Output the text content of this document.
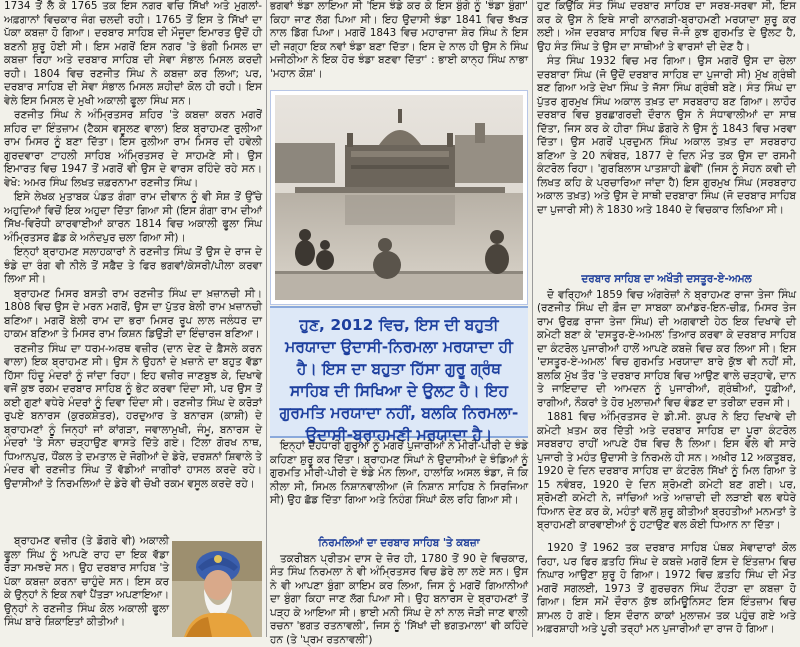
1734 ਤੋਂ ਲੈ ਕੇ 1765 ਤਕ ਇਸ ਨਗਰ ਵਚਿ ਸਿੱਖਾਂ ਅਤੇ ਮੁਗਲਾਂ-ਅਫ਼ਗਾਨਾਂ ਵਿਚਕਾਰ ਜੰਗ ਚਲਦੀ ਰਹੀ। 1765 ਤੋਂ ਇਸ ਤੇ ਸਿੱਖਾਂ ਦਾ ਪੱਕਾ ਕਬਜ਼ਾ ਹੋ ਗਿਆ। ਦਰਬਾਰ ਸਾਹਿਬ ਦੀ ਮੌਜੂਦਾ ਇਮਾਰਤ ਉਦੋਂ ਹੀ ਬਣਨੀ ਸ਼ੁਰੂ ਹੋਈ ਸੀ। ਇਸ ਮਗਰੋਂ ਇਸ ਨਗਰ 'ਤੇ ਭੰਗੀ ਮਿਸਲ ਦਾ ਕਬਜ਼ਾ ਰਿਹਾ ਅਤੇ ਦਰਬਾਰ ਸਾਹਿਬ ਦੀ ਸੇਵਾ ਸੰਭਾਲ ਮਿਸਲ ਕਰਦੀ ਰਹੀ। 1804 ਵਿਚ ਰਣਜੀਤ ਸਿੰਘ ਨੇ ਕਬਜ਼ਾ ਕਰ ਲਿਆ; ਪਰ, ਦਰਬਾਰ ਸਾਹਿਬ ਦੀ ਸੇਵਾ ਸੰਭਾਲ ਮਿਸਲ ਸ਼ਹੀਦਾਂ ਕੋਲ ਹੀ ਰਹੀ। ਇਸ ਵੇਲੇ ਇਸ ਮਿਸਲ ਦੇ ਮੁਖੀ ਅਕਾਲੀ ਫੂਲਾ ਸਿੰਘ ਸਨ।

ਰਣਜੀਤ ਸਿੰਘ ਨੇ ਅੰਮ੍ਰਿਤਸਰ ਸ਼ਹਿਰ 'ਤੇ ਕਬਜ਼ਾ ਕਰਨ ਮਗਰੋਂ ਸ਼ਹਿਰ ਦਾ ਇੰਤਜ਼ਾਮ (ਟੈਕਸ ਵਸੂਲਣ ਵਾਲਾ) ਇਕ ਬ੍ਰਾਹਮਣ ਰੁਲੀਆ ਰਾਮ ਮਿਸਰ ਨੂੰ ਬਣਾ ਦਿੱਤਾ। ਇਸ ਰੁਲੀਆ ਰਾਮ ਮਿਸਰ ਦੀ ਹਵੇਲੀ ਗੁਰਦਵਾਰਾ ਟਾਹਲੀ ਸਾਹਿਬ ਅੰਮ੍ਰਿਤਸਰ ਦੇ ਸਾਹਮਣੇ ਸੀ। ਉਸ ਇਮਾਰਤ ਵਿਚ 1947 ਤੋਂ ਮਗਰੋਂ ਵੀ ਉਸ ਦੇ ਵਾਰਸ ਰਹਿੰਦੇ ਰਹੇ ਸਨ। ਵੇਖੋ: ਅਮਰ ਸਿੰਘ ਲਿਖਤ ਜ਼ਫ਼ਰਨਾਮਾ ਰਣਜੀਤ ਸਿੰਘ।

ਇਸੇ ਲੇਖਕ ਮੁਤਾਬਕ ਪੰਡਤ ਗੰਗਾ ਰਾਮ ਦੀਵਾਨ ਨੂੰ ਵੀ ਸੋਸ਼ ਤੋਂ ਉੱਚੇ ਅਹੁਦਿਆਂ ਵਿਚੋਂ ਇਕ ਅਹੁਦਾ ਦਿੱਤਾ ਗਿਆ ਸੀ (ਇਸ ਗੰਗਾ ਰਾਮ ਦੀਆਂ ਸਿੱਖ-ਵਿਰੋਧੀ ਕਾਰਵਾਈਆਂ ਕਾਰਨ 1814 ਵਿਚ ਅਕਾਲੀ ਫੂਲਾ ਸਿੰਘ ਅੰਮ੍ਰਿਤਸਰ ਛੱਡ ਕੇ ਅਨੰਦਪੁਰ ਚਲਾ ਗਿਆ ਸੀ)।

ਇਨ੍ਹਾਂ ਬ੍ਰਾਹਮਣ ਸਲਾਹਕਾਰਾਂ ਨੇ ਰਣਜੀਤ ਸਿੰਘ ਤੋਂ ਉਸ ਦੇ ਰਾਜ ਦੇ ਝੰਡੇ ਦਾ ਰੰਗ ਵੀ ਨੀਲੇ ਤੋਂ ਸਫ਼ੈਦ ਤੇ ਫਿਰ ਭਗਵਾਂ/ਕੇਸਰੀ/ਪੀਲਾ ਕਰਵਾ ਲਿਆ ਸੀ।

ਬ੍ਰਾਹਮਣ ਮਿਸਰ ਬਸਤੀ ਰਾਮ ਰਣਜੀਤ ਸਿੰਘ ਦਾ ਖ਼ਜ਼ਾਨਚੀ ਸੀ। 1808 ਵਿਚ ਉਸ ਦੇ ਮਰਨ ਮਗਰੋਂ, ਉਸ ਦਾ ਪੁੱਤਰ ਬੇਲੀ ਰਾਮ ਖ਼ਜ਼ਾਨਚੀ ਬਣਿਆ। ਮਗਰੋਂ ਬੇਲੀ ਰਾਮ ਦਾ ਭਰਾ ਮਿਸਰ ਰੂਪ ਲਾਲ ਜਲੰਧਰ ਦਾ ਹਾਕਮ ਬਣਿਆ ਤੇ ਮਿਸਰ ਰਾਮ ਕਿਸ਼ਨ ਡਿਉੜੀ ਦਾ ਇੰਚਾਰਜ ਬਣਿਆ।

ਰਣਜੀਤ ਸਿੰਘ ਦਾ ਧਰਮ-ਅਰਥ ਵਜ਼ੀਰ (ਦਾਨ ਦੇਣ ਦੇ ਫ਼ੈਸਲੇ ਕਰਨ ਵਾਲਾ) ਇਕ ਬ੍ਰਾਹਮਣ ਸੀ। ਉਸ ਨੇ ਉਹਨਾਂ ਦੇ ਖ਼ਜ਼ਾਨੇ ਦਾ ਬਹੁਤ ਵੱਡਾ ਹਿੱਸਾ ਹਿੰਦੂ ਮੰਦਰਾਂ ਨੂੰ ਜਾਂਦਾ ਰਿਹਾ। ਇਹ ਵਜ਼ੀਰ ਜਾਣਬੁਝ ਕੇ, ਦਿਖਾਵੇ ਵਜੋਂ ਕੁਝ ਰਕਮ ਦਰਬਾਰ ਸਾਹਿਬ ਨੂੰ ਭੇਟ ਕਰਵਾ ਦਿੰਦਾ ਸੀ, ਪਰ ਉਸ ਤੋਂ ਕਈ ਗੁਣਾਂ ਵਧੇਰੇ ਮੰਦਰਾਂ ਨੂੰ ਦਿਵਾ ਦਿੰਦਾ ਸੀ। ਰਣਜੀਤ ਸਿੰਘ ਦੇ ਕਰੋੜਾਂ ਰੁਪਏ ਬਨਾਰਸ (ਕੁਰਕਸ਼ੇਤਰ), ਹਰਦੁਆਰ ਤੇ ਬਨਾਰਸ (ਕਾਸ਼ੀ) ਦੇ ਬ੍ਰਾਹਮਣਾਂ ਨੂੰ ਜਿਨ੍ਹਾਂ ਜਾਂ ਕਾਂਗੜਾ, ਜਵਾਲਾਮੁਖੀ, ਜੰਮੂ, ਬਨਾਰਸ ਦੇ ਮੰਦਰਾਂ 'ਤੇ ਸੋਨਾ ਚੜ੍ਹਾਉਣ ਵਾਸਤੇ ਦਿੱਤੇ ਗਏ। ਟਿੱਲਾ ਗੋਰਖ ਨਾਥ, ਧਿਆਨਪੁਰ, ਧੌਂਕਲ ਤੇ ਦਮਤਾਲ ਦੇ ਜੋਗੀਆਂ ਦੇ ਡੇਰੇ, ਦਰਸ਼ਨਾਂ ਸ਼ਿਵਾਲੇ ਤੇ ਮੰਦਰ ਵੀ ਰਣਜੀਤ ਸਿੰਘ ਤੋਂ ਵੱਡੀਆਂ ਜਾਗੀਰਾਂ ਹਾਸਲ ਕਰਦੇ ਰਹੇ। ਉਦਾਸੀਆਂ ਤੇ ਨਿਰਮਲਿਆਂ ਦੇ ਡੇਰੇ ਵੀ ਚੋਖੀ ਰਕਮ ਵਸੂਲ ਕਰਦੇ ਰਹੇ।

ਬ੍ਰਾਹਮਣ ਵਜ਼ੀਰ (ਤੇ ਡੋਗਰੇ ਵੀ) ਅਕਾਲੀ ਫੂਲਾ ਸਿੰਘ ਨੂੰ ਆਪਣੇ ਰਾਹ ਦਾ ਇਕ ਵੱਡਾ ਰੋੜਾ ਸਮਝਦੇ ਸਨ। ਉਹ ਦਰਬਾਰ ਸਾਹਿਬ 'ਤੇ ਪੱਕਾ ਕਬਜ਼ਾ ਕਰਨਾ ਚਾਹੁੰਦੇ ਸਨ। ਇਸ ਕਰ ਕੇ ਉਨ੍ਹਾਂ ਨੇ ਇਕ ਨਵਾਂ ਪੈਂਤੜਾ ਅਪਣਾਇਆ। ਉਨ੍ਹਾਂ ਨੇ ਰਣਜੀਤ ਸਿੰਘ ਕੋਲ ਅਕਾਲੀ ਫੂਲਾ ਸਿੰਘ ਬਾਰੇ ਸ਼ਿਕਾਇਤਾਂ ਕੀਤੀਆਂ।

ਭਗਵਾਂ ਝੰਡਾ ਲਾਇਆ ਸੀ 'ਇਸ ਝੰਡੇ ਕਰ ਕੇ ਇਸ ਬੁੰਗੇ ਨੂੰ 'ਝੰਡਾ ਬੁੰਗਾ' ਕਿਹਾ ਜਾਣ ਲੱਗ ਪਿਆ ਸੀ। ਇਹ ਉਦਾਸੀ ਝੰਡਾ 1841 ਵਿਚ ਝੱਖੜ ਨਾਲ ਡਿੱਗ ਪਿਆ। ਮਗਰੋਂ 1843 ਵਿਚ ਮਹਾਰਾਜਾ ਸ਼ੇਰ ਸਿੰਘ ਨੇ ਇਸ ਦੀ ਜਗ੍ਹਾ ਇਕ ਨਵਾਂ ਝੰਡਾ ਬਣਾ ਦਿੱਤਾ। ਇਸ ਦੇ ਨਾਲ ਹੀ ਉਸ ਨੇ ਸਿੰਘ ਮਜੀਠੀਆ ਨੇ ਇਕ ਹੋਰ ਝੰਡਾ ਬਣਵਾ ਦਿੱਤਾ' : ਭਾਈ ਕਾਨ੍ਹ ਸਿੰਘ ਨਾਭਾ 'ਮਹਾਨ ਕੋਸ਼'।

ਹੁਣ, 2012 ਵਿਚ, ਇਸ ਦੀ ਬਹੁਤੀ ਮਰਯਾਦਾ ਉਦਾਸੀ-ਨਿਰਮਲਾ ਮਰਯਾਦਾ ਹੀ ਹੈ। ਇਸ ਦਾ ਬਹੁਤਾ ਹਿੱਸਾ ਗੁਰੂ ਗ੍ਰੰਥ ਸਾਹਿਬ ਦੀ ਸਿਖਿਆ ਦੇ ਉਲਟ ਹੈ। ਇਹ ਗੁਰਮਤਿ ਮਰਯਾਦਾ ਨਹੀਂ, ਬਲਕਿ ਨਿਰਮਲਾ-ਉਦਾਸੀ-ਬ੍ਰਾਹਮਣੀ ਮਰਯਾਦਾ ਹੈ।

ਇਨ੍ਹਾਂ ਦੇਹਧਾਰੀ ਗੁਰੂਆਂ ਨੂੰ ਮਗਰੋਂ ਪੁਜਾਰੀਆਂ ਨੇ ਮੀਰੀ-ਪੀਰੀ ਦੇ ਝੰਡੇ ਕਹਿਣਾ ਸ਼ੁਰੂ ਕਰ ਦਿੱਤਾ। ਬ੍ਰਾਹਮਣ ਸਿੰਘਾਂ ਨੇ ਉਦਾਸੀਆਂ ਦੇ ਝੰਡਿਆਂ ਨੂੰ ਗੁਰਮਤਿ ਮੀਰੀ-ਪੀਰੀ ਦੇ ਝੰਡੇ ਮੰਨ ਲਿਆ, ਹਾਲਾਂਕਿ ਅਸਲ ਝੰਡਾ, ਜੋ ਕਿ ਨੀਲਾ ਸੀ, ਸਿਮਲ ਨਿਸ਼ਾਨਵਾਲੀਆ (ਜੋ ਨਿਸ਼ਾਨ ਸਾਹਿਬ ਨੇ ਸਿਰਜਿਆ ਸੀ) ਉਹ ਛੱਡ ਦਿੱਤਾ ਗਿਆ ਅਤੇ ਨਿਹੰਗ ਸਿੰਘਾਂ ਕੋਲ ਰਹਿ ਗਿਆ ਸੀ।

ਨਿਰਮਲਿਆਂ ਦਾ ਦਰਬਾਰ ਸਾਹਿਬ 'ਤੇ ਕਬਜ਼ਾ

ਤਕਰੀਬਨ ਪ੍ਰੀਤਮ ਦਾਸ ਦੇ ਜ਼ੋਰ ਹੀ, 1780 ਤੋਂ 90 ਦੇ ਵਿਚਕਾਰ, ਸੰਤ ਸਿੰਘ ਨਿਰਮਲਾ ਨੇ ਵੀ ਅੰਮ੍ਰਿਤਸਰ ਵਿਚ ਡੇਰੇ ਲਾ ਲਏ ਸਨ। ਉਸ ਨੇ ਵੀ ਆਪਣਾ ਬੁੰਗਾ ਕਾਇਮ ਕਰ ਲਿਆ, ਜਿਸ ਨੂੰ ਮਗਰੋਂ ਗਿਆਨੀਆਂ ਦਾ ਬੁੰਗਾ ਕਿਹਾ ਜਾਣ ਲੱਗ ਪਿਆ ਸੀ। ਉਹ ਬਨਾਰਸ ਦੇ ਬ੍ਰਾਹਮਣਾਂ ਤੋਂ ਪੜ੍ਹ ਕੇ ਆਇਆ ਸੀ। ਭਾਈ ਮਨੀ ਸਿੰਘ ਦੇ ਨਾਂ ਨਾਲ ਜੋੜੀ ਜਾਣ ਵਾਲੀ ਰਚਨਾ 'ਭਗਤ ਰਤਨਾਵਲੀ', ਜਿਸ ਨੂੰ 'ਸਿੱਖਾਂ ਦੀ ਭਗਤਮਾਲਾ' ਵੀ ਕਹਿੰਦੇ ਹਨ (ਤੇ 'ਪ੍ਰਮ ਰਤਨਾਵਲੀ')

ਹੁਣ ਕਿਉਂਕਿ ਸੰਤ ਸਿੰਘ ਦਰਬਾਰ ਸਾਹਿਬ ਦਾ ਸਰਬ-ਸਰਵਾ ਸੀ, ਇਸ ਕਰ ਕੇ ਉਸ ਨੇ ਇਥੇ ਸਾਰੀ ਕਾਨਗੜੀ-ਬ੍ਰਾਹਮਣੀ ਮਰਯਾਦਾ ਸ਼ੁਰੂ ਕਰ ਲਈ। ਅੱਜ ਦਰਬਾਰ ਸਾਹਿਬ ਵਿਚ ਜੋ-ਜੋ ਕੁਝ ਗੁਰਮਤਿ ਦੇ ਉਲਟ ਹੈ, ਉਹ ਸੰਤ ਸਿੰਘ ਤੇ ਉਸ ਦਾ ਸਾਥੀਆਂ ਤੇ ਵਾਰਸਾਂ ਦੀ ਦੇਣ ਹੈ।

ਸੰਤ ਸਿੰਘ 1932 ਵਿਚ ਮਰ ਗਿਆ। ਉਸ ਮਗਰੋਂ ਉਸ ਦਾ ਚੇਲਾ ਦਰਬਾਰਾ ਸਿੰਘ (ਜੋ ਉਦੋਂ ਦਰਬਾਰ ਸਾਹਿਬ ਦਾ ਪੁਜਾਰੀ ਸੀ) ਮੁੱਖ ਗ੍ਰੰਥੀ ਬਣ ਗਿਆ ਅਤੇ ਦੇਖਾ ਸਿੰਘ ਤੇ ਜੱਸਾ ਸਿੰਘ ਗ੍ਰੰਥੀ ਬਣੇ। ਸੰਤ ਸਿੰਘ ਦਾ ਪੁੱਤਰ ਗੁਰਮੁਖ ਸਿੰਘ ਅਕਾਲ ਤਖ਼ਤ ਦਾ ਸਰਬਰਾਹ ਬਣ ਗਿਆ। ਲਾਹੌਰ ਦਰਬਾਰ ਵਿਚ ਬੁਰਛਾਗਰਦੀ ਦੌਰਾਨ ਉਸ ਨੇ ਸੰਧਾਵਾਲੀਆਂ ਦਾ ਸਾਥ ਦਿੱਤਾ, ਜਿਸ ਕਰ ਕੇ ਹੀਰਾ ਸਿੰਘ ਡੋਗਰੇ ਨੇ ਉਸ ਨੂੰ 1843 ਵਿਚ ਮਰਵਾ ਦਿੱਤਾ। ਉਸ ਮਗਰੋਂ ਪ੍ਰਦੁਮਨ ਸਿੰਘ ਅਕਾਲ ਤਖ਼ਤ ਦਾ ਸਰਬਰਾਹ ਬਣਿਆ ਤੇ 20 ਨਵੰਬਰ, 1877 ਦੇ ਦਿਨ ਮੌਤ ਤਕ ਉਸ ਦਾ ਰਸਮੀ ਕੰਟਰੋਲ ਰਿਹਾ। 'ਗੁਰਬਿਲਾਸ ਪਾਤਸ਼ਾਹੀ ਛੇਵੀਂ' (ਜਿਸ ਨੂੰ ਸੋਹਨ ਕਵੀ ਦੀ ਲਿਖਤ ਕਹਿ ਕੇ ਪ੍ਰਚਾਰਿਆ ਜਾਂਦਾ ਹੈ) ਇਸ ਗੁਰਮੁਖ ਸਿੰਘ (ਸਰਬਰਾਹ ਅਕਾਲ ਤਖ਼ਤ) ਅਤੇ ਉਸ ਦੇ ਸਾਥੀ ਦਰਬਾਰਾ ਸਿੰਘ (ਜੋ ਦਰਬਾਰ ਸਾਹਿਬ ਦਾ ਪੁਜਾਰੀ ਸੀ) ਨੇ 1830 ਅਤੇ 1840 ਦੇ ਵਿਚਕਾਰ ਲਿਖਿਆ ਸੀ।

ਦਰਬਾਰ ਸਾਹਿਬ ਦਾ ਅਖੌਤੀ ਦਸਤੂਰ-ਏ-ਅਮਲ

ਦੋ ਵਰ੍ਹਿਆਂ 1859 ਵਿਚ ਅੰਗਰੇਜ਼ਾਂ ਨੇ ਬ੍ਰਾਹਮਣ ਰਾਜਾ ਤੇਜਾ ਸਿੰਘ (ਰਣਜੀਤ ਸਿੰਘ ਦੀ ਫ਼ੌਜ ਦਾ ਸਾਬਕਾ ਕਮਾਂਡਰ-ਇਨ-ਚੀਫ਼, ਮਿਸਰ ਤੇਜ ਰਾਮ ਉਰਫ਼ ਰਾਜਾ ਤੇਜਾ ਸਿੰਘ) ਦੀ ਅਗਵਾਈ ਹੇਠ ਇਕ ਦਿਖਾਵੇ ਦੀ ਕਮੇਟੀ ਬਣਾ ਕੇ 'ਦਸਤੂਰ-ਏ-ਅਮਲ' ਤਿਆਰ ਕਰਵਾ ਕੇ ਦਰਬਾਰ ਸਾਹਿਬ ਦਾ ਕੰਟਰੋਲ ਪੁਜਾਰੀਆਂ ਹਾਲੋਂ ਆਪਣੇ ਕਬਜ਼ੇ ਵਿਚ ਕਰ ਲਿਆ ਸੀ। ਇਸ 'ਦਸਤੂਰ-ਏ-ਅਮਲ' ਵਿਚ ਗੁਰਮਤਿ ਮਰਯਾਦਾ ਬਾਰੇ ਕੁੱਝ ਵੀ ਨਹੀਂ ਸੀ, ਬਲਕਿ ਮੁੱਖ ਤੌਰ 'ਤੇ ਦਰਬਾਰ ਸਾਹਿਬ ਵਿਚ ਆਉਣ ਵਾਲੇ ਚੜ੍ਹਾਵੇ, ਦਾਨ ਤੇ ਜਾਇਦਾਦ ਦੀ ਆਮਦਨ ਨੂੰ ਪੁਜਾਰੀਆਂ, ਗ੍ਰੰਥੀਆਂ, ਧੂਫ਼ੀਆਂ, ਰਾਗੀਆਂ, ਨੌਕਰਾਂ ਤੇ ਹੋਰ ਮੁਲਾਜ਼ਮਾਂ ਵਿਚ ਵੰਡਣ ਦਾ ਤਰੀਕਾ ਦਰਜ ਸੀ।

1881 ਵਿਚ ਅੰਮ੍ਰਿਤਸਰ ਦੇ ਡੀ.ਸੀ. ਕੂਪਰ ਨੇ ਇਹ ਦਿਖਾਵੇ ਦੀ ਕਮੇਟੀ ਖ਼ਤਮ ਕਰ ਦਿੱਤੀ ਅਤੇ ਦਰਬਾਰ ਸਾਹਿਬ ਦਾ ਪੂਰਾ ਕੰਟਰੋਲ ਸਰਬਰਾਹ ਰਾਹੀਂ ਆਪਣੇ ਹੱਥ ਵਿਚ ਲੈ ਲਿਆ। ਇਸ ਵੇਲੇ ਵੀ ਸਾਰੇ ਪੁਜਾਰੀ ਤੇ ਮਹੰਤ ਉਦਾਸੀ ਤੇ ਨਿਰਮਲੇ ਹੀ ਸਨ। ਅਖ਼ੀਰ 12 ਅਕਤੂਬਰ, 1920 ਦੇ ਦਿਨ ਦਰਬਾਰ ਸਾਹਿਬ ਦਾ ਕੰਟਰੋਲ ਸਿੱਖਾਂ ਨੂੰ ਮਿਲ ਗਿਆ ਤੇ 15 ਨਵੰਬਰ, 1920 ਦੇ ਦਿਨ ਸ਼੍ਰੋਮਣੀ ਕਮੇਟੀ ਬਣ ਗਈ। ਪਰ, ਸ਼੍ਰੋਮਣੀ ਕਮੇਟੀ ਨੇ, ਜਾਂਚਿਆਂ ਅਤੇ ਆਜ਼ਾਦੀ ਦੀ ਲੜਾਈ ਵਲ ਵਧੇਰੇ ਧਿਆਨ ਦੇਣ ਕਰ ਕੇ, ਮਹੰਤਾਂ ਵਲੋਂ ਸ਼ੁਰੂ ਕੀਤੀਆਂ ਬ੍ਰਹਤੀਆਂ ਮਨਮਤਾਂ ਤੇ ਬ੍ਰਾਹਮਣੀ ਕਾਰਵਾਈਆਂ ਨੂੰ ਹਟਾਉਣ ਵਲ ਕੋਈ ਧਿਆਨ ਨਾ ਦਿੱਤਾ।

1920 ਤੋਂ 1962 ਤਕ ਦਰਬਾਰ ਸਾਹਿਬ ਪੰਥਕ ਸੇਵਾਦਾਰਾਂ ਕੋਲ ਰਿਹਾ, ਪਰ ਫਿਰ ਫ਼ਤਹਿ ਸਿੰਘ ਦੇ ਕਬਜ਼ੇ ਮਗਰੋਂ ਇਸ ਦੇ ਇੰਤਜ਼ਾਮ ਵਿਚ ਨਿਘਾਰ ਆਉਣਾ ਸ਼ੁਰੂ ਹੋ ਗਿਆ। 1972 ਵਿਚ ਫ਼ਤਹਿ ਸਿੰਘ ਦੀ ਮੌਤ ਮਗਰੋਂ ਸਗਲਈ, 1973 ਤੋਂ ਗੁਰਚਰਨ ਸਿੰਘ ਟੌਹੜਾ ਦਾ ਕਬਜ਼ਾ ਹੋ ਗਿਆ। ਇਸ ਸਮੇਂ ਦੌਰਾਨ ਕੁੱਝ ਕਮਿਊਨਿਸਟ ਇਸ ਇੰਤਜ਼ਾਮ ਵਿਚ ਸ਼ਾਮਲ ਹੋ ਗਏ। ਇਸ ਦੌਰਾਨ ਕਾਕਾਂ ਮੁਲਾਜ਼ਮ ਤਕ ਪਹੁੰਚ ਗਏ ਅਤੇ ਅਫ਼ਰਸ਼ਾਹੀ ਅਤੇ ਪੂਰੀ ਤਰ੍ਹਾਂ ਮਨ ਪੁਜਾਰੀਆਂ ਦਾ ਰਾਜ ਹੋ ਗਿਆ।
